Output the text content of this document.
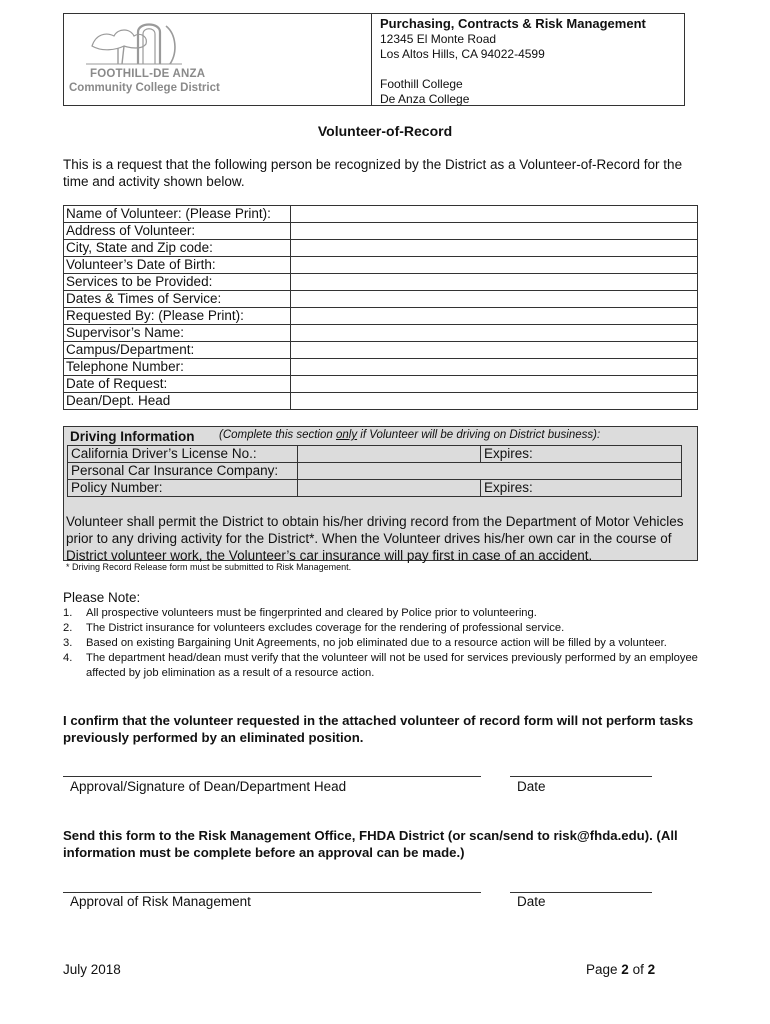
FOOTHILL-DE ANZA
Community College District
Purchasing, Contracts & Risk Management
12345 El Monte Road
Los Altos Hills, CA 94022-4599
Foothill College
De Anza College
Volunteer-of-Record
This is a request that the following person be recognized by the District as a Volunteer-of-Record for the time and activity shown below.
Name of Volunteer: (Please Print):	
Address of Volunteer:	
City, State and Zip code:	
Volunteer’s Date of Birth:	
Services to be Provided:	
Dates & Times of Service:	
Requested By: (Please Print):	
Supervisor’s Name:	
Campus/Department:	
Telephone Number:	
Date of Request:	
Dean/Dept. Head	
Driving Information (Complete this section only if Volunteer will be driving on District business):
California Driver’s License No.:		Expires:
Personal Car Insurance Company:		
Policy Number:		Expires:
Volunteer shall permit the District to obtain his/her driving record from the Department of Motor Vehicles prior to any driving activity for the District*. When the Volunteer drives his/her own car in the course of District volunteer work, the Volunteer’s car insurance will pay first in case of an accident.
* Driving Record Release form must be submitted to Risk Management.
Please Note:
1.	All prospective volunteers must be fingerprinted and cleared by Police prior to volunteering.
2.	The District insurance for volunteers excludes coverage for the rendering of professional service.
3.	Based on existing Bargaining Unit Agreements, no job eliminated due to a resource action will be filled by a volunteer.
4.	The department head/dean must verify that the volunteer will not be used for services previously performed by an employee affected by job elimination as a result of a resource action.
I confirm that the volunteer requested in the attached volunteer of record form will not perform tasks previously performed by an eliminated position.
Approval/Signature of Dean/Department Head	Date
Send this form to the Risk Management Office, FHDA District (or scan/send to risk@fhda.edu). (All information must be complete before an approval can be made.)
Approval of Risk Management	Date
July 2018	Page 2 of 2
